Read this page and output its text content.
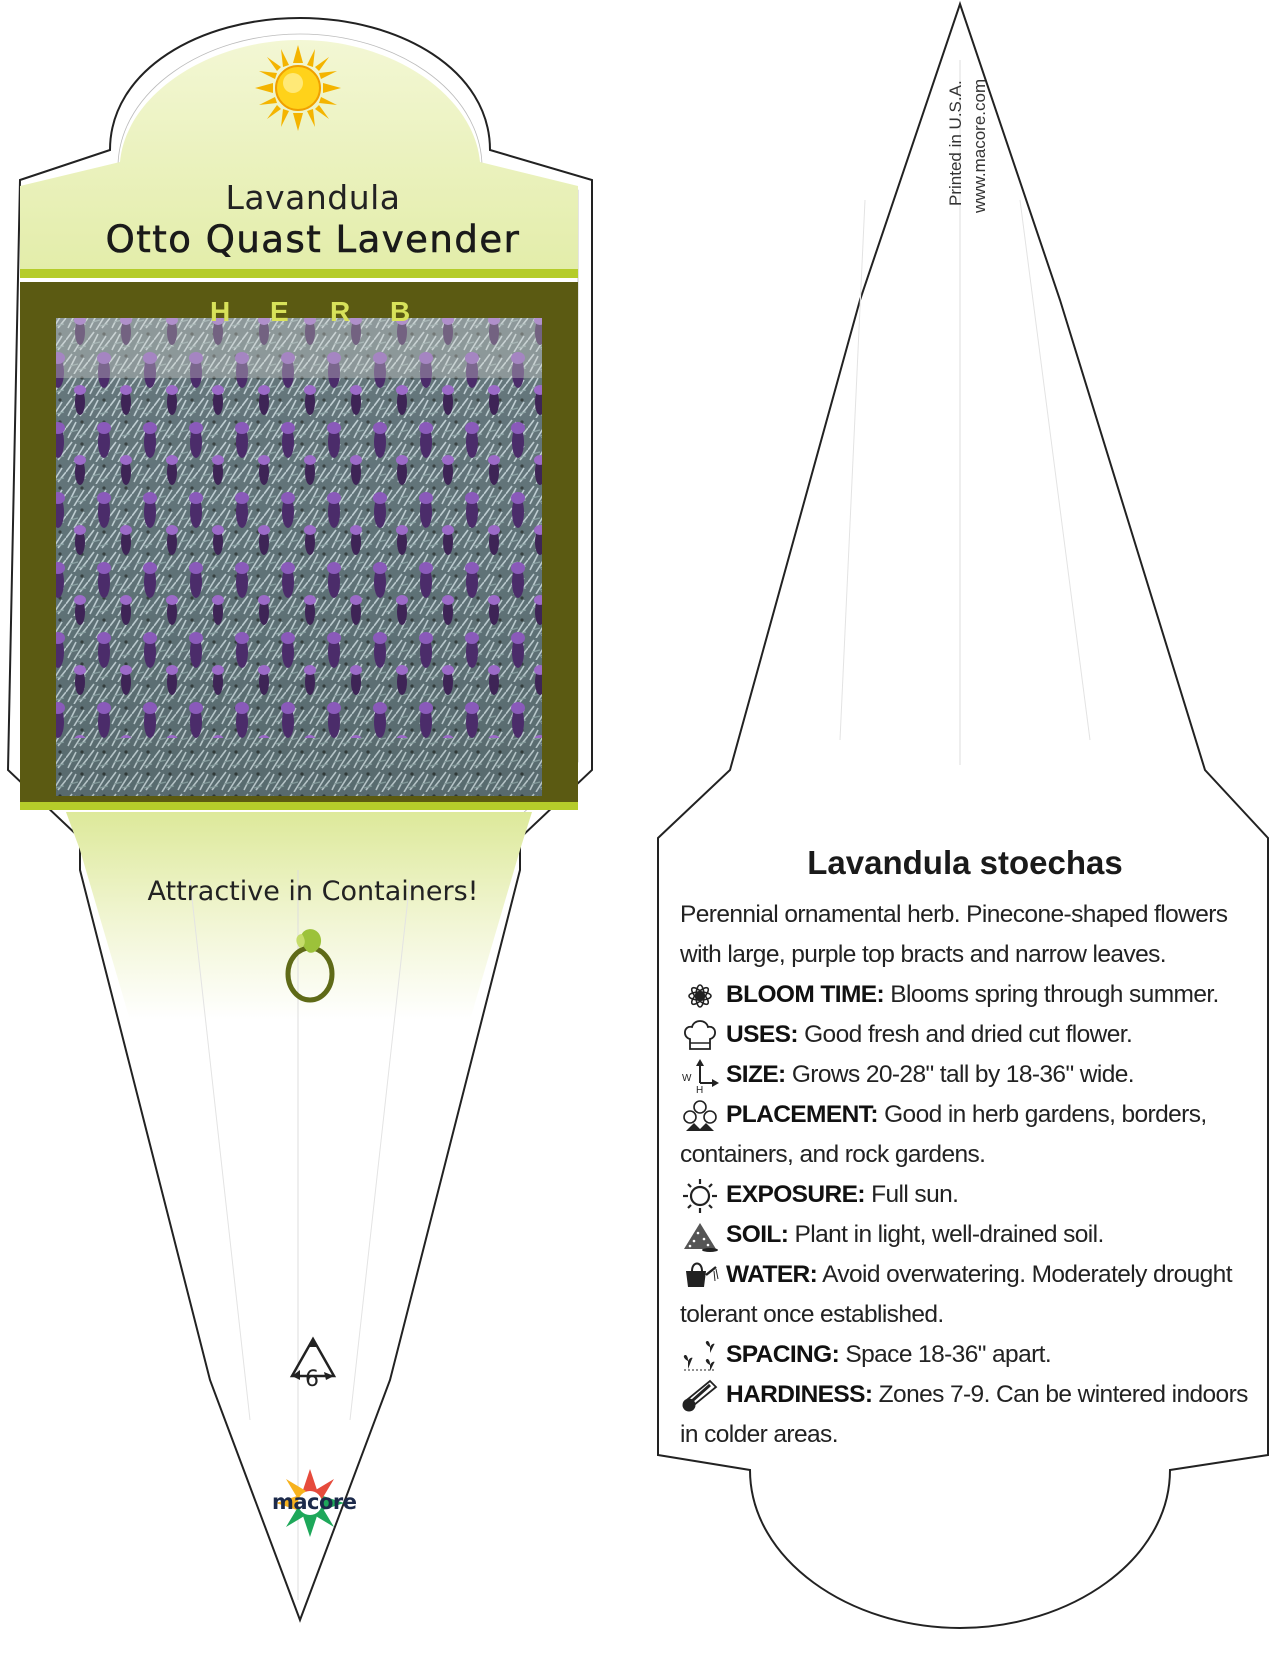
Lavandula
Otto Quast Lavender
H E R B
Attractive in Containers!
6
macore
Printed in U.S.A. www.macore.com
Lavandula stoechas

Perennial ornamental herb. Pinecone-shaped flowers with large, purple top bracts and narrow leaves.

BLOOM TIME: Blooms spring through summer.
USES: Good fresh and dried cut flower.
W
H
SIZE: Grows 20-28" tall by 18-36" wide.
PLACEMENT: Good in herb gardens, borders, containers, and rock gardens.
EXPOSURE: Full sun.
SOIL: Plant in light, well-drained soil.
WATER: Avoid overwatering. Moderately drought tolerant once established.
SPACING: Space 18-36" apart.
HARDINESS: Zones 7-9. Can be wintered indoors in colder areas.
